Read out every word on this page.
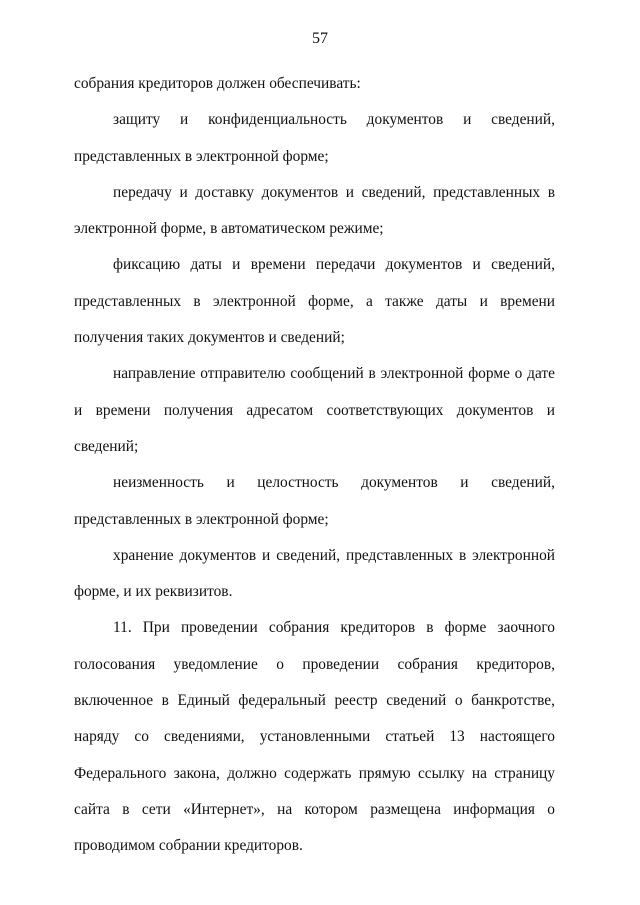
57

собрания кредиторов должен обеспечивать:

защиту и конфиденциальность документов и сведений, представленных в электронной форме;

передачу и доставку документов и сведений, представленных в электронной форме, в автоматическом режиме;

фиксацию даты и времени передачи документов и сведений, представленных в электронной форме, а также даты и времени получения таких документов и сведений;

направление отправителю сообщений в электронной форме о дате и времени получения адресатом соответствующих документов и сведений;

неизменность и целостность документов и сведений, представленных в электронной форме;

хранение документов и сведений, представленных в электронной форме, и их реквизитов.

11. При проведении собрания кредиторов в форме заочного голосования уведомление о проведении собрания кредиторов, включенное в Единый федеральный реестр сведений о банкротстве, наряду со сведениями, установленными статьей 13 настоящего Федерального закона, должно содержать прямую ссылку на страницу сайта в сети «Интернет», на котором размещена информация о проводимом собрании кредиторов.
